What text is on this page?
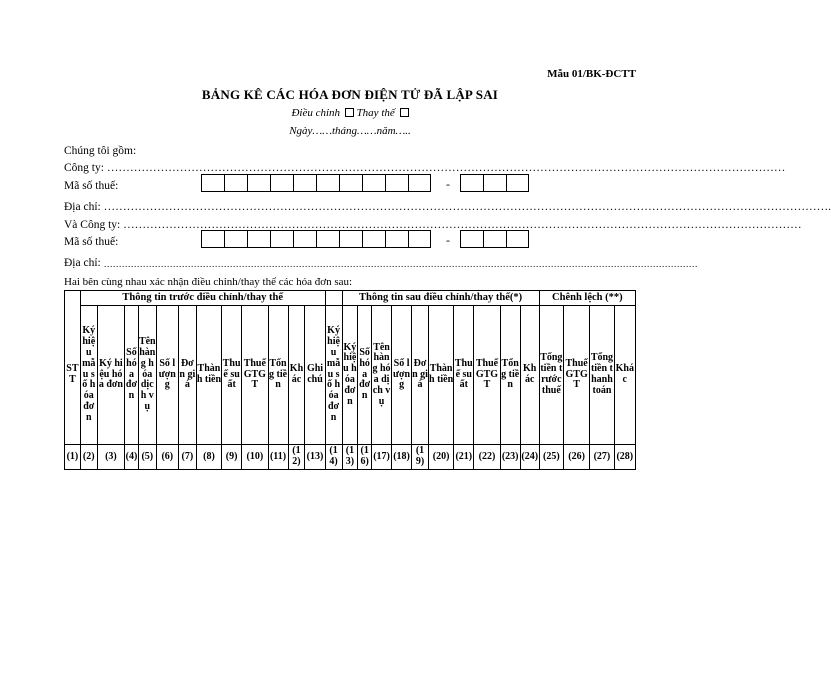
Mẫu 01/BK-ĐCTT
BẢNG KÊ CÁC HÓA ĐƠN ĐIỆN TỬ ĐÃ LẬP SAI
Điều chỉnh Thay thế
Ngày……tháng……năm…..
Chúng tôi gồm:
Công ty: ……………………………………………………………………………………………………………………………………………………………
Mã số thuế:	-
Địa chỉ: ……………………………………………………………………………………………………………………………………………………………………….
Và Công ty: ……………………………………………………………………………………………………………………………………………………………
Mã số thuế:	-
Địa chỉ: ………………………………………………………………………………………………………………………………………………………………………………
Hai bên cùng nhau xác nhận điều chỉnh/thay thế các hóa đơn sau:
	Thông tin trước điều chỉnh/thay thế													Thông tin sau điều chỉnh/thay thế(*)										Chênh lệch (**)			
STT	Ký hiệu mẫu số hóa đơn	Ký hiệu hóa đơn	Số hóa đơn	Tên hàng hóa dịch vụ	Số lượng	Đơn giá	Thành tiền	Thuế suất	Thuế GTGT	Tổng tiền	Khác	Ghi chú	Ký hiệu mẫu số hóa đơn	Ký hiệu hóa đơn	Số hóa đơn	Tên hàng hóa dịch vụ	Số lượng	Đơn giá	Thành tiền	Thuế suất	Thuế GTGT	Tổng tiền	Khác	Tổng tiền trước thuế	Thuế GTGT	Tổng tiền thanh toán	Khác
(1)	(2)	(3)	(4)	(5)	(6)	(7)	(8)	(9)	(10)	(11)	(12)	(13)	(14)	(13)	(16)	(17)	(18)	(19)	(20)	(21)	(22)	(23)	(24)	(25)	(26)	(27)	(28)
